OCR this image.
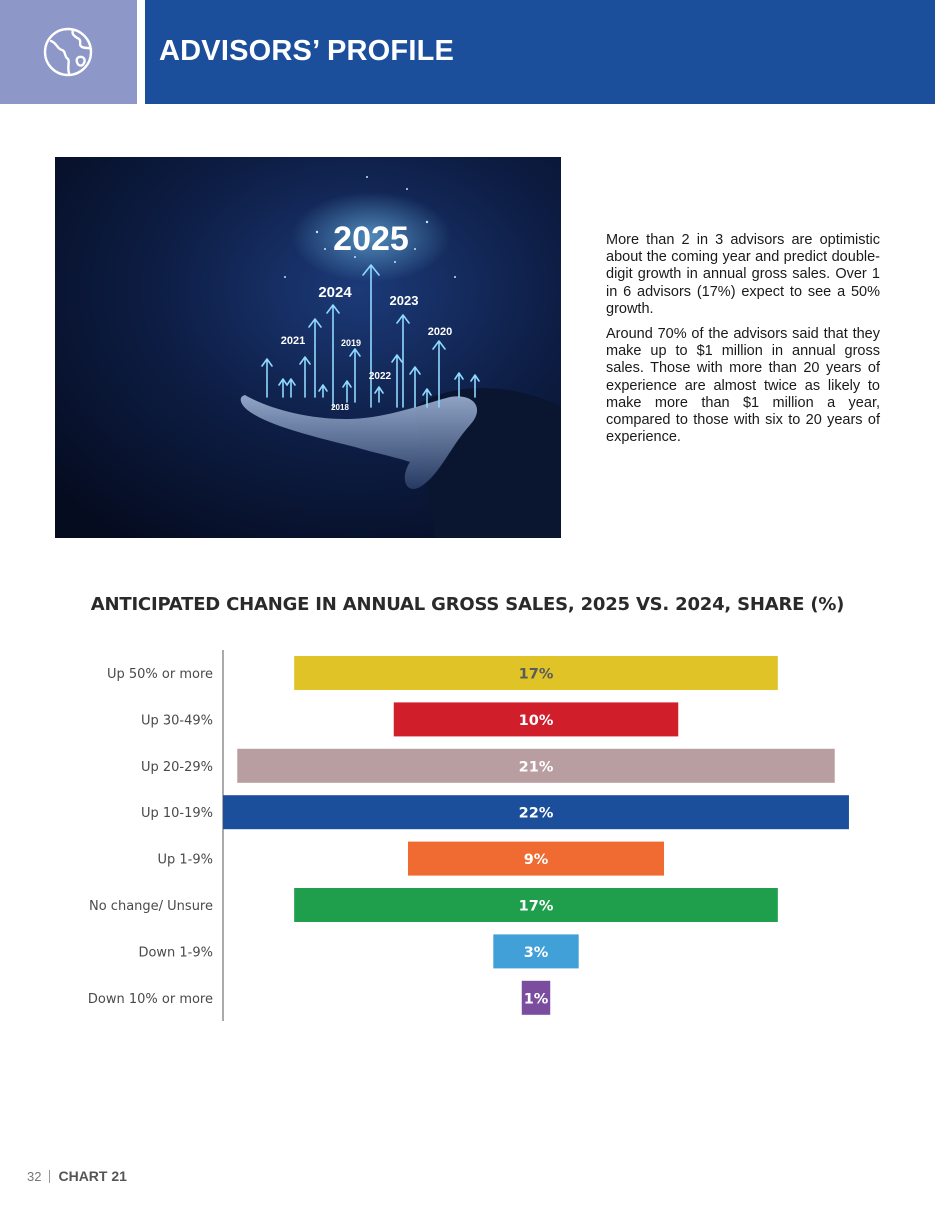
ADVISORS’ PROFILE
2025
2024	2023
2021	2019
2020
2022
2018

More than 2 in 3 advisors are optimistic about the coming year and predict double-digit growth in annual gross sales. Over 1 in 6 advisors (17%) expect to see a 50% growth.

Around 70% of the advisors said that they make up to $1 million in annual gross sales. Those with more than 20 years of experience are almost twice as likely to make more than $1 million a year, compared to those with six to 20 years of experience.

ANTICIPATED CHANGE IN ANNUAL GROSS SALES, 2025 VS. 2024, SHARE (%)
17%
Up 50% or more
10%
Up 30-49%
21%
Up 20-29%
22%
Up 10-19%
9%
Up 1-9%
17%
No change/ Unsure
3%
Down 1-9%
1%
Down 10% or more
32 CHART 21
